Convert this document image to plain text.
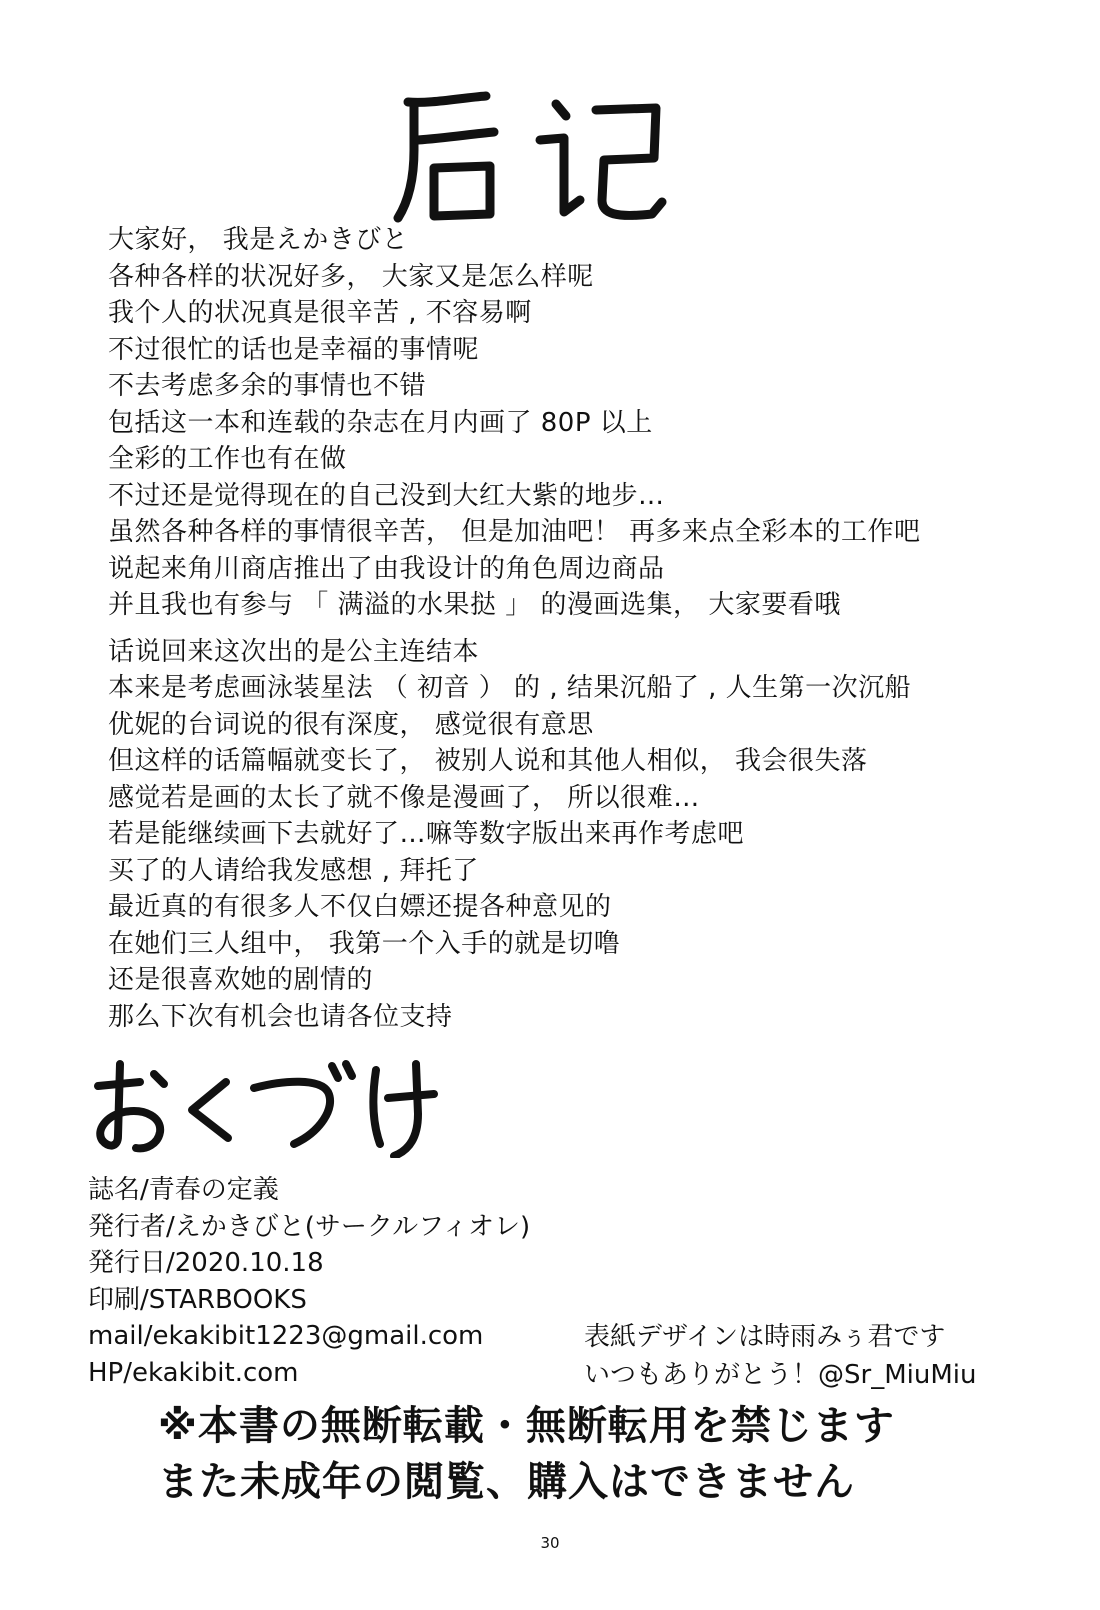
大家好， 我是えかきびと
各种各样的状况好多， 大家又是怎么样呢
我个人的状况真是很辛苦 , 不容易啊
不过很忙的话也是幸福的事情呢
不去考虑多余的事情也不错
包括这一本和连载的杂志在月内画了 80P 以上
全彩的工作也有在做
不过还是觉得现在的自己没到大红大紫的地步…
虽然各种各样的事情很辛苦， 但是加油吧！ 再多来点全彩本的工作吧
说起来角川商店推出了由我设计的角色周边商品
并且我也有参与 「 满溢的水果挞 」 的漫画选集， 大家要看哦
话说回来这次出的是公主连结本
本来是考虑画泳装星法 （ 初音 ） 的 , 结果沉船了 , 人生第一次沉船
优妮的台词说的很有深度， 感觉很有意思
但这样的话篇幅就变长了， 被别人说和其他人相似， 我会很失落
感觉若是画的太长了就不像是漫画了， 所以很难…
若是能继续画下去就好了…嘛等数字版出来再作考虑吧
买了的人请给我发感想 , 拜托了
最近真的有很多人不仅白嫖还提各种意见的
在她们三人组中， 我第一个入手的就是切噜
还是很喜欢她的剧情的
那么下次有机会也请各位支持
誌名/青春の定義
発行者/えかきびと(サークルフィオレ)
発行日/2020.10.18
印刷/STARBOOKS
mail/ekakibit1223@gmail.com
HP/ekakibit.com
表紙デザインは時雨みぅ君です
いつもありがとう！@Sr_MiuMiu
※本書の無断転載・無断転用を禁じます
また未成年の閲覧、購入はできません
30
